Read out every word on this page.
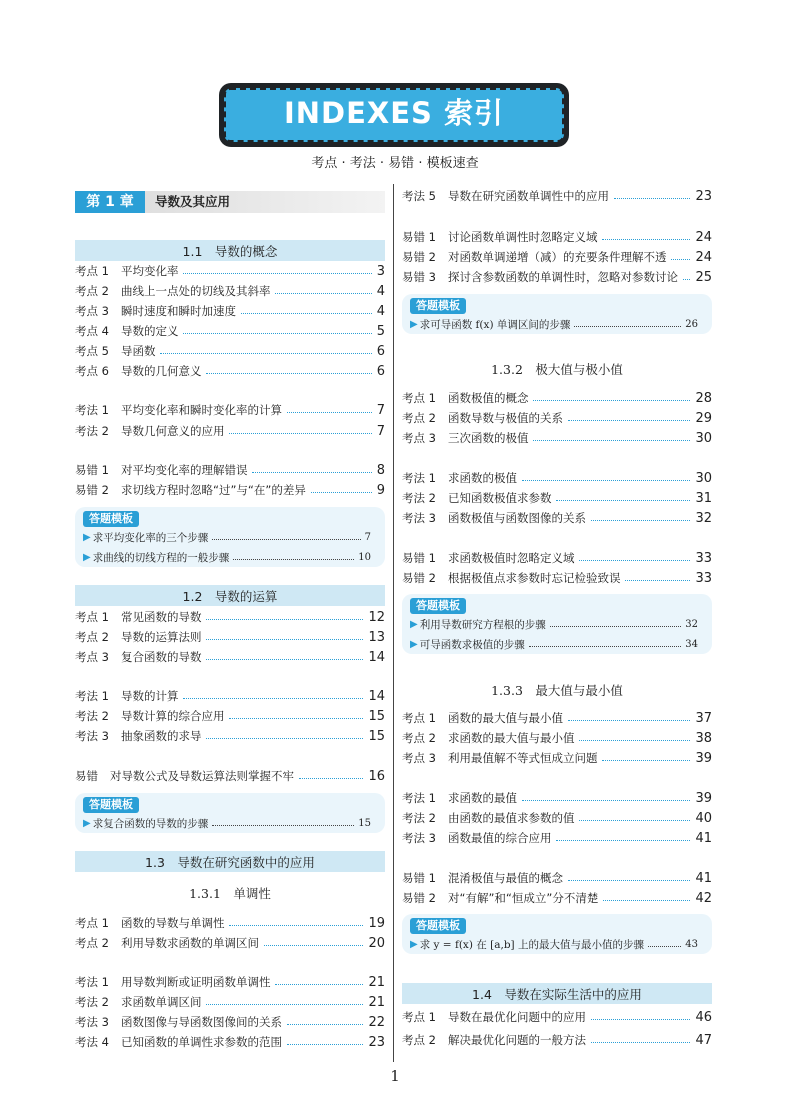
INDEXES 索引
考点 · 考法 · 易错 · 模板速查
第 1 章	导数及其应用
1.1　导数的概念
考点 1 平均变化率	3
考点 2 曲线上一点处的切线及其斜率	4
考点 3 瞬时速度和瞬时加速度	4
考点 4 导数的定义	5
考点 5 导函数	6
考点 6 导数的几何意义	6
考法 1 平均变化率和瞬时变化率的计算	7
考法 2 导数几何意义的应用	7
易错 1 对平均变化率的理解错误	8
易错 2 求切线方程时忽略“过”与“在”的差异	9
答题模板
▶ 求平均变化率的三个步骤	7
▶ 求曲线的切线方程的一般步骤	10
1.2　导数的运算
考点 1 常见函数的导数	12
考点 2 导数的运算法则	13
考点 3 复合函数的导数	14
考法 1 导数的计算	14
考法 2 导数计算的综合应用	15
考法 3 抽象函数的求导	15
易错 对导数公式及导数运算法则掌握不牢	16
答题模板
▶ 求复合函数的导数的步骤	15
1.3　导数在研究函数中的应用
1.3.1　单调性
考点 1 函数的导数与单调性	19
考点 2 利用导数求函数的单调区间	20
考法 1 用导数判断或证明函数单调性	21
考法 2 求函数单调区间	21
考法 3 函数图像与导函数图像间的关系	22
考法 4 已知函数的单调性求参数的范围	23
考法 5 导数在研究函数单调性中的应用	23
易错 1 讨论函数单调性时忽略定义域	24
易错 2 对函数单调递增（减）的充要条件理解不透 24
易错 3 探讨含参数函数的单调性时，忽略对参数讨论 25
答题模板
▶ 求可导函数 f(x) 单调区间的步骤	26
1.3.2　极大值与极小值
考点 1 函数极值的概念	28
考点 2 函数导数与极值的关系	29
考点 3 三次函数的极值	30
考法 1 求函数的极值	30
考法 2 已知函数极值求参数	31
考法 3 函数极值与函数图像的关系	32
易错 1 求函数极值时忽略定义域	33
易错 2 根据极值点求参数时忘记检验致误	33
答题模板
▶ 利用导数研究方程根的步骤	32
▶ 可导函数求极值的步骤	34
1.3.3　最大值与最小值
考点 1 函数的最大值与最小值	37
考点 2 求函数的最大值与最小值	38
考点 3 利用最值解不等式恒成立问题	39
考法 1 求函数的最值	39
考法 2 由函数的最值求参数的值	40
考法 3 函数最值的综合应用	41
易错 1 混淆极值与最值的概念	41
易错 2 对“有解”和“恒成立”分不清楚	42
答题模板
▶ 求 y = f(x) 在 [a,b] 上的最大值与最小值的步骤	43
1.4　导数在实际生活中的应用
考点 1 导数在最优化问题中的应用	46
考点 2 解决最优化问题的一般方法	47
1
